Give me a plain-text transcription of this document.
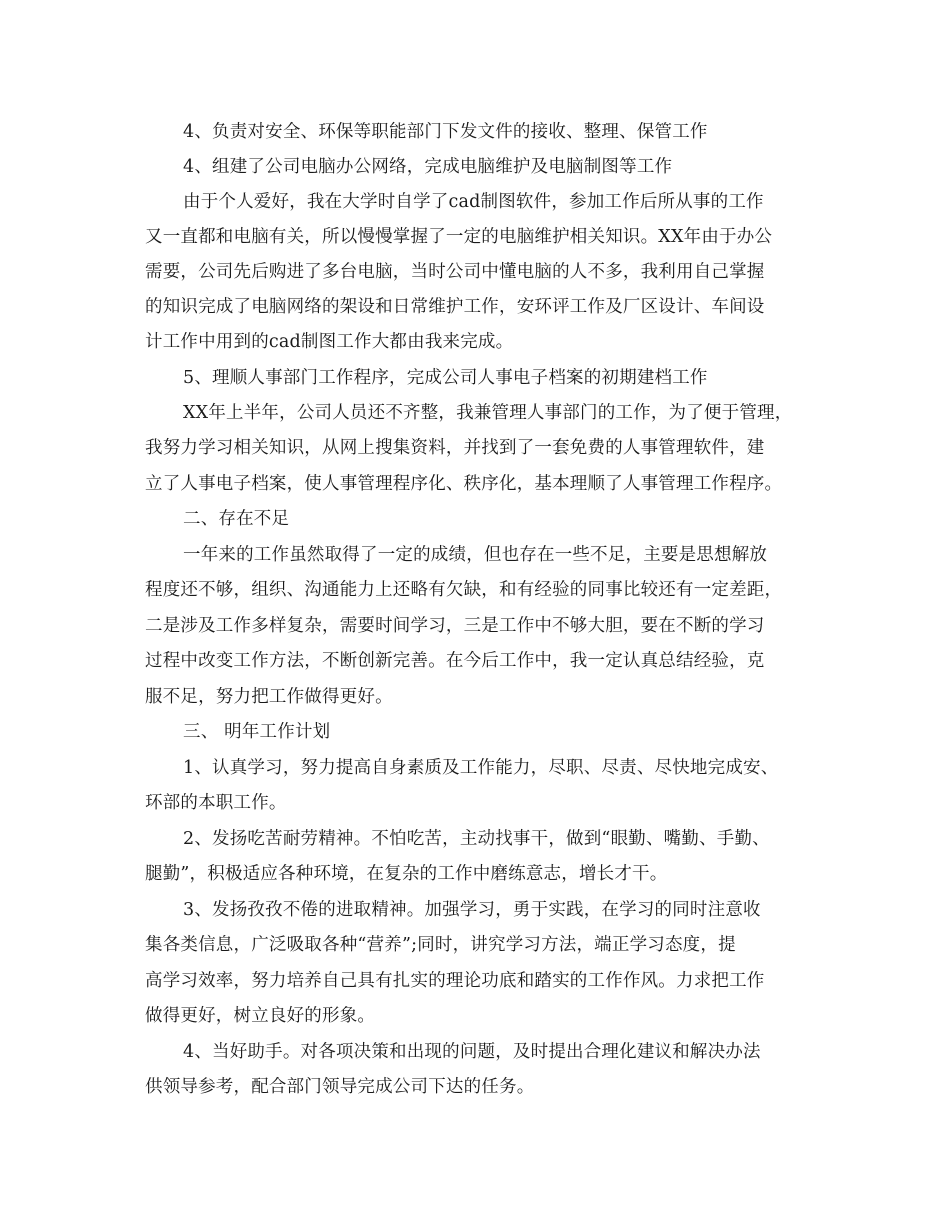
4、负责对安全、环保等职能部门下发文件的接收、整理、保管工作
4、组建了公司电脑办公网络，完成电脑维护及电脑制图等工作
由于个人爱好，我在大学时自学了cad制图软件，参加工作后所从事的工作
又一直都和电脑有关，所以慢慢掌握了一定的电脑维护相关知识。XX年由于办公
需要，公司先后购进了多台电脑，当时公司中懂电脑的人不多，我利用自己掌握
的知识完成了电脑网络的架设和日常维护工作，安环评工作及厂区设计、车间设
计工作中用到的cad制图工作大都由我来完成。
5、理顺人事部门工作程序，完成公司人事电子档案的初期建档工作
XX年上半年，公司人员还不齐整，我兼管理人事部门的工作，为了便于管理，
我努力学习相关知识，从网上搜集资料，并找到了一套免费的人事管理软件，建
立了人事电子档案，使人事管理程序化、秩序化，基本理顺了人事管理工作程序。
二、存在不足
一年来的工作虽然取得了一定的成绩，但也存在一些不足，主要是思想解放
程度还不够，组织、沟通能力上还略有欠缺，和有经验的同事比较还有一定差距，
二是涉及工作多样复杂，需要时间学习，三是工作中不够大胆，要在不断的学习
过程中改变工作方法，不断创新完善。在今后工作中，我一定认真总结经验，克
服不足，努力把工作做得更好。
三、 明年工作计划
1、认真学习，努力提高自身素质及工作能力，尽职、尽责、尽快地完成安、
环部的本职工作。
2、发扬吃苦耐劳精神。不怕吃苦，主动找事干，做到“眼勤、嘴勤、手勤、
腿勤”，积极适应各种环境，在复杂的工作中磨练意志，增长才干。
3、发扬孜孜不倦的进取精神。加强学习，勇于实践，在学习的同时注意收
集各类信息，广泛吸取各种“营养”;同时，讲究学习方法，端正学习态度，提
高学习效率，努力培养自己具有扎实的理论功底和踏实的工作作风。力求把工作
做得更好，树立良好的形象。
4、当好助手。对各项决策和出现的问题，及时提出合理化建议和解决办法
供领导参考，配合部门领导完成公司下达的任务。
